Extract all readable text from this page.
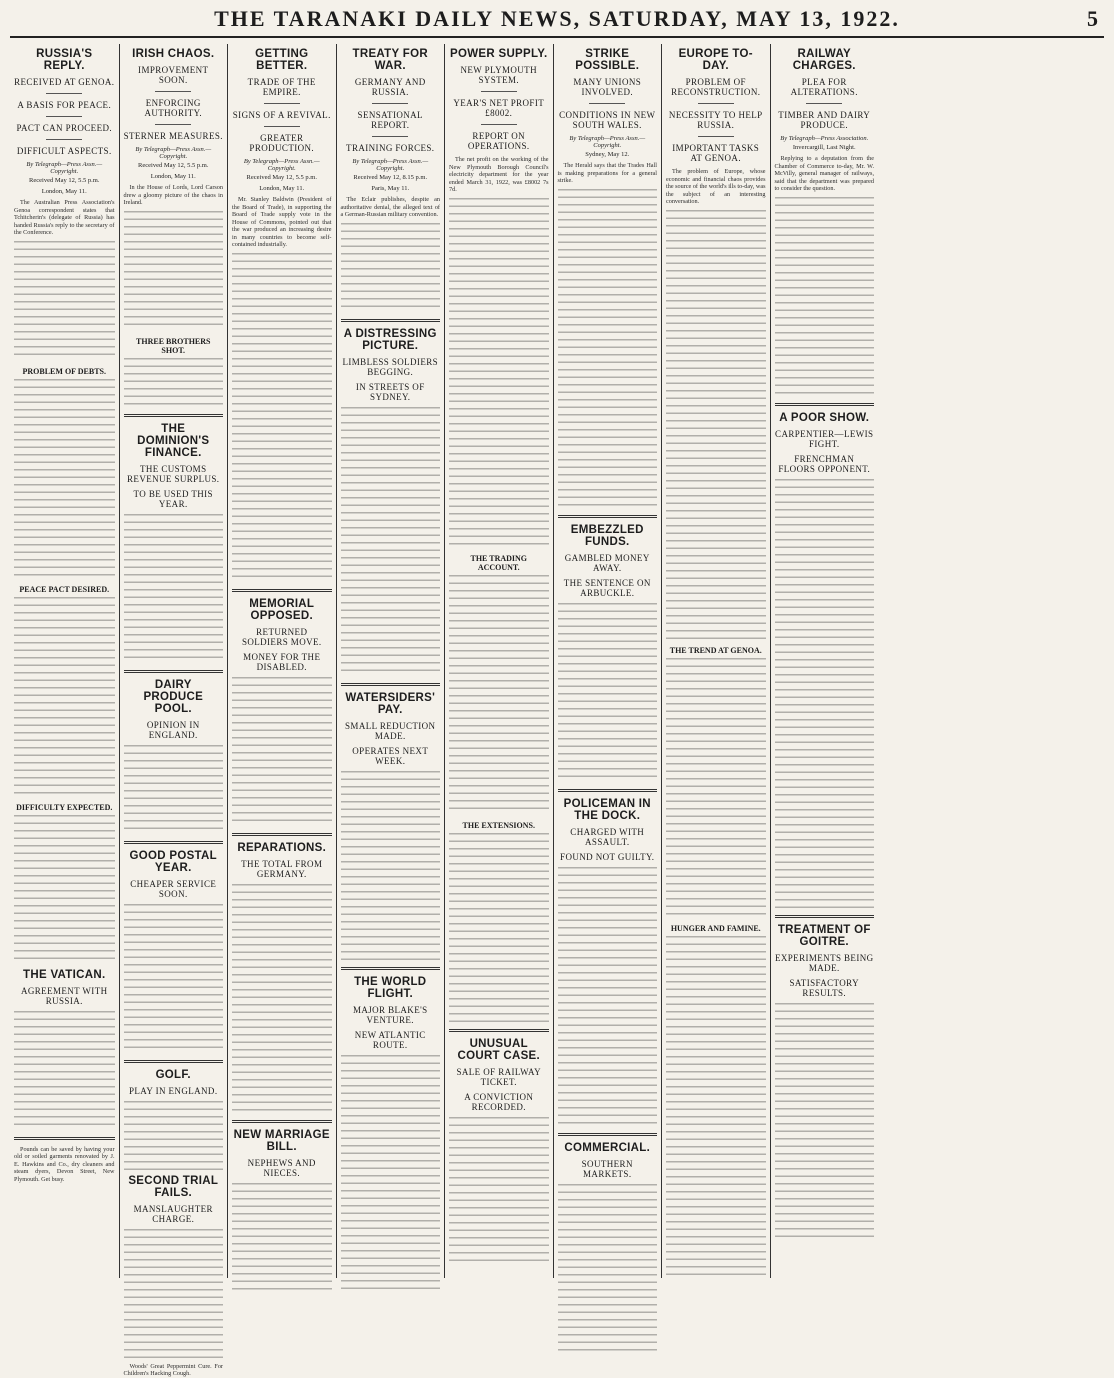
THE TARANAKI DAILY NEWS, SATURDAY, MAY 13, 1922.	5
RUSSIA'S REPLY.
RECEIVED AT GENOA.
A BASIS FOR PEACE.
PACT CAN PROCEED.
DIFFICULT ASPECTS.
By Telegraph—Press Assn.—Copyright.
Received May 12, 5.5 p.m.
London, May 11.

The Australian Press Association's Genoa correspondent states that Tchitcherin's (delegate of Russia) has handed Russia's reply to the secretary of the Conference.

PROBLEM OF DEBTS.
PEACE PACT DESIRED.
DIFFICULTY EXPECTED.
THE VATICAN.
AGREEMENT WITH RUSSIA.

Pounds can be saved by having your old or soiled garments renovated by J. E. Hawkins and Co., dry cleaners and steam dyers, Devon Street, New Plymouth. Get busy.

IRISH CHAOS.
IMPROVEMENT SOON.
ENFORCING AUTHORITY.
STERNER MEASURES.
By Telegraph—Press Assn.—Copyright.
Received May 12, 5.5 p.m.
London, May 11.

In the House of Lords, Lord Carson drew a gloomy picture of the chaos in Ireland.

THREE BROTHERS SHOT.
THE DOMINION'S FINANCE.
THE CUSTOMS REVENUE SURPLUS.
TO BE USED THIS YEAR.
DAIRY PRODUCE POOL.
OPINION IN ENGLAND.
GOOD POSTAL YEAR.
CHEAPER SERVICE SOON.
GOLF.
PLAY IN ENGLAND.
SECOND TRIAL FAILS.
MANSLAUGHTER CHARGE.

Woods' Great Peppermint Cure. For Children's Hacking Cough.

GETTING BETTER.
TRADE OF THE EMPIRE.
SIGNS OF A REVIVAL.
GREATER PRODUCTION.
By Telegraph—Press Assn.—Copyright.
Received May 12, 5.5 p.m.
London, May 11.

Mr. Stanley Baldwin (President of the Board of Trade), in supporting the Board of Trade supply vote in the House of Commons, pointed out that the war produced an increasing desire in many countries to become self-contained industrially.

MEMORIAL OPPOSED.
RETURNED SOLDIERS MOVE.
MONEY FOR THE DISABLED.
REPARATIONS.
THE TOTAL FROM GERMANY.
NEW MARRIAGE BILL.
NEPHEWS AND NIECES.
TREATY FOR WAR.
GERMANY AND RUSSIA.
SENSATIONAL REPORT.
TRAINING FORCES.
By Telegraph—Press Assn.—Copyright.
Received May 12, 8.15 p.m.
Paris, May 11.

The Eclair publishes, despite an authoritative denial, the alleged text of a German-Russian military convention.

A DISTRESSING PICTURE.
LIMBLESS SOLDIERS BEGGING.
IN STREETS OF SYDNEY.
WATERSIDERS' PAY.
SMALL REDUCTION MADE.
OPERATES NEXT WEEK.
THE WORLD FLIGHT.
MAJOR BLAKE'S VENTURE.
NEW ATLANTIC ROUTE.
POWER SUPPLY.
NEW PLYMOUTH SYSTEM.
YEAR'S NET PROFIT £8002.
REPORT ON OPERATIONS.

The net profit on the working of the New Plymouth Borough Council's electricity department for the year ended March 31, 1922, was £8002 7s 7d.

THE TRADING ACCOUNT.
THE EXTENSIONS.
UNUSUAL COURT CASE.
SALE OF RAILWAY TICKET.
A CONVICTION RECORDED.
STRIKE POSSIBLE.
MANY UNIONS INVOLVED.
CONDITIONS IN NEW SOUTH WALES.
By Telegraph—Press Assn.—Copyright.
Sydney, May 12.

The Herald says that the Trades Hall is making preparations for a general strike.

EMBEZZLED FUNDS.
GAMBLED MONEY AWAY.
THE SENTENCE ON ARBUCKLE.
POLICEMAN IN THE DOCK.
CHARGED WITH ASSAULT.
FOUND NOT GUILTY.
COMMERCIAL.
SOUTHERN MARKETS.
EUROPE TO-DAY.
PROBLEM OF RECONSTRUCTION.
NECESSITY TO HELP RUSSIA.
IMPORTANT TASKS AT GENOA.

The problem of Europe, whose economic and financial chaos provides the source of the world's ills to-day, was the subject of an interesting conversation.

THE TREND AT GENOA.
HUNGER AND FAMINE.
RAILWAY CHARGES.
PLEA FOR ALTERATIONS.
TIMBER AND DAIRY PRODUCE.
By Telegraph—Press Association.
Invercargill, Last Night.

Replying to a deputation from the Chamber of Commerce to-day, Mr. W. McVilly, general manager of railways, said that the department was prepared to consider the question.

A POOR SHOW.
CARPENTIER—LEWIS FIGHT.
FRENCHMAN FLOORS OPPONENT.
TREATMENT OF GOITRE.
EXPERIMENTS BEING MADE.
SATISFACTORY RESULTS.
